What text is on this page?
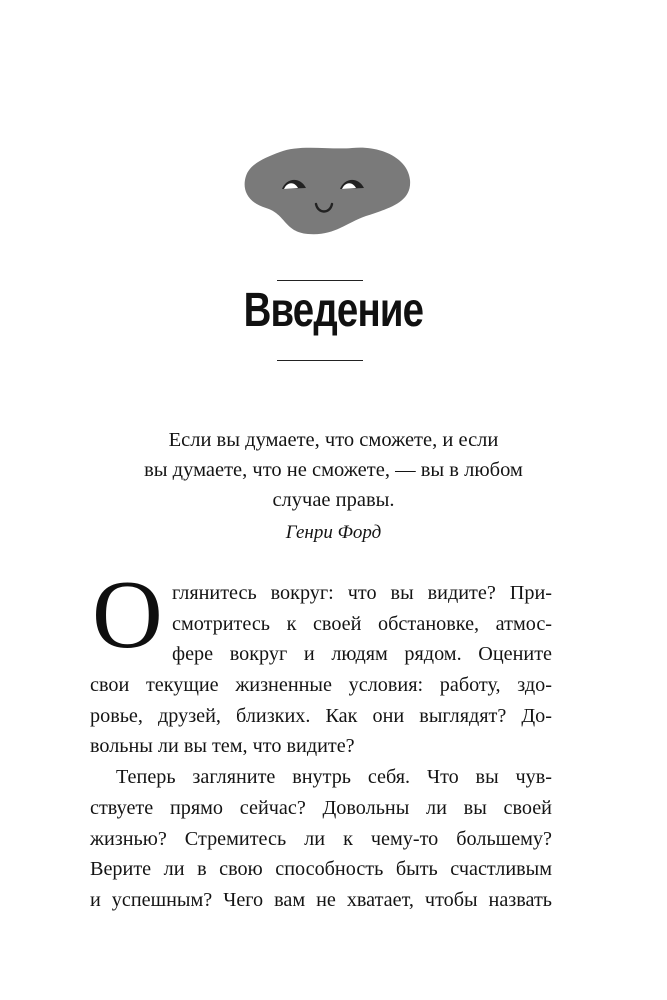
Введение
Если вы думаете, что сможете, и если
вы думаете, что не сможете, — вы в любом
случае правы.
Генри Форд
О глянитесь вокруг: что вы видите? При-
смотритесь к своей обстановке, атмос-
фере вокруг и людям рядом. Оцените
свои текущие жизненные условия: работу, здо-
ровье, друзей, близких. Как они выглядят? До-
вольны ли вы тем, что видите?
Теперь загляните внутрь себя. Что вы чув-
ствуете прямо сейчас? Довольны ли вы своей
жизнью? Стремитесь ли к чему-то большему?
Верите ли в свою способность быть счастливым
и успешным? Чего вам не хватает, чтобы назвать
